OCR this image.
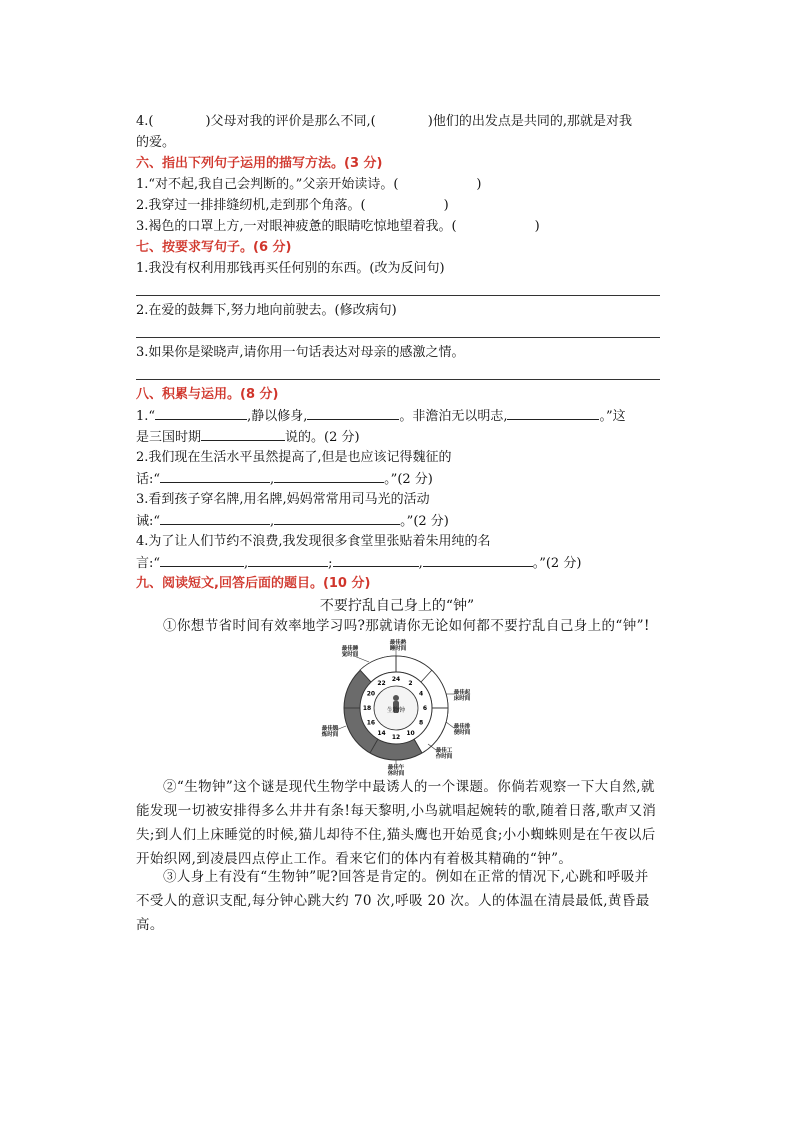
4.(　　　　)父母对我的评价是那么不同,(　　　　)他们的出发点是共同的,那就是对我
的爱。
六、指出下列句子运用的描写方法。(3 分)
1.“对不起,我自己会判断的。”父亲开始读诗。(　　　　　　)
2.我穿过一排排缝纫机,走到那个角落。(　　　　　　)
3.褐色的口罩上方,一对眼神疲惫的眼睛吃惊地望着我。(　　　　　　)
七、按要求写句子。(6 分)
1.我没有权利用那钱再买任何别的东西。(改为反问句)
2.在爱的鼓舞下,努力地向前驶去。(修改病句)
3.如果你是梁晓声,请你用一句话表达对母亲的感激之情。
八、积累与运用。(8 分)
1.“	,静以修身,	。非澹泊无以明志,	。”这
是三国时期	说的。(2 分)
2.我们现在生活水平虽然提高了,但是也应该记得魏征的
话:“	,	。”(2 分)
3.看到孩子穿名牌,用名牌,妈妈常常用司马光的活动
诫:“	,	。”(2 分)
4.为了让人们节约不浪费,我发现很多食堂里张贴着朱用纯的名
言:“	,	;	,	。”(2 分)
九、阅读短文,回答后面的题目。(10 分)
不要拧乱自己身上的“钟”
①你想节省时间有效率地学习吗?那就请你无论如何都不要拧乱自己身上的“钟”!
24
2
4
6
8
10
12
14
16
18
20
22
生物钟
最佳熟
睡时间
最佳睡
觉时间
最佳起
床时间
最佳排
便时间
最佳工
作时间
最佳午
休时间
最佳锻
炼时间
②“生物钟”这个谜是现代生物学中最诱人的一个课题。你倘若观察一下大自然,就能发现一切被安排得多么井井有条!每天黎明,小鸟就唱起婉转的歌,随着日落,歌声又消失;到人们上床睡觉的时候,猫儿却待不住,猫头鹰也开始觅食;小小蜘蛛则是在午夜以后开始织网,到凌晨四点停止工作。看来它们的体内有着极其精确的“钟”。
③人身上有没有“生物钟”呢?回答是肯定的。例如在正常的情况下,心跳和呼吸并不受人的意识支配,每分钟心跳大约 70 次,呼吸 20 次。人的体温在清晨最低,黄昏最高。
